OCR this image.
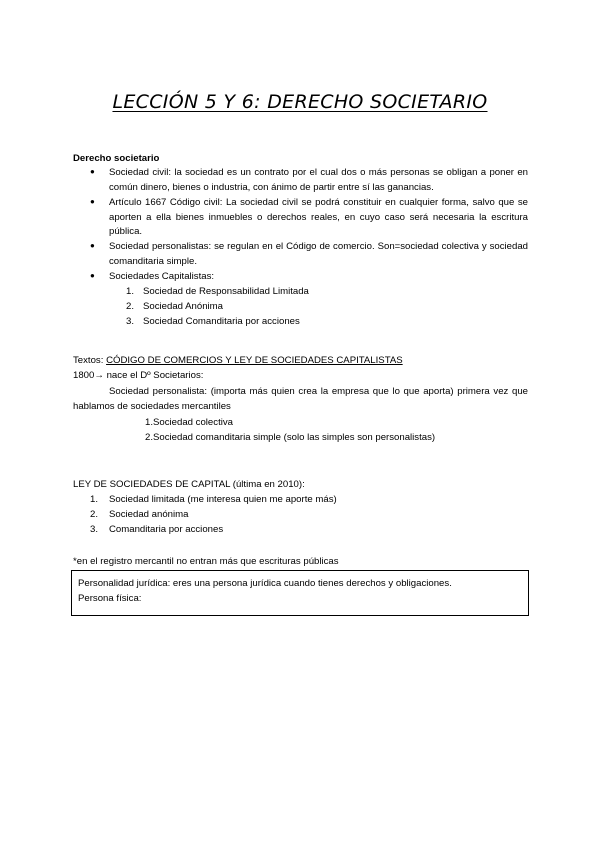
LECCIÓN 5 Y 6: DERECHO SOCIETARIO
Derecho societario
● Sociedad civil: la sociedad es un contrato por el cual dos o más personas se obligan a poner en común dinero, bienes o industria, con ánimo de partir entre sí las ganancias.
● Artículo 1667 Código civil: La sociedad civil se podrá constituir en cualquier forma, salvo que se aporten a ella bienes inmuebles o derechos reales, en cuyo caso será necesaria la escritura pública.
● Sociedad personalistas: se regulan en el Código de comercio. Son=sociedad colectiva y sociedad comanditaria simple.
● Sociedades Capitalistas:
1. Sociedad de Responsabilidad Limitada
2. Sociedad Anónima
3. Sociedad Comanditaria por acciones
Textos: CÓDIGO DE COMERCIOS Y LEY DE SOCIEDADES CAPITALISTAS
1800→ nace el Dº Societarios:
Sociedad personalista: (importa más quien crea la empresa que lo que aporta) primera vez que hablamos de sociedades mercantiles
1.Sociedad colectiva
2.Sociedad comanditaria simple (solo las simples son personalistas)
LEY DE SOCIEDADES DE CAPITAL (última en 2010):
1. Sociedad limitada (me interesa quien me aporte más)
2. Sociedad anónima
3. Comanditaria por acciones
*en el registro mercantil no entran más que escrituras públicas
Personalidad jurídica: eres una persona jurídica cuando tienes derechos y obligaciones.
Persona física:
